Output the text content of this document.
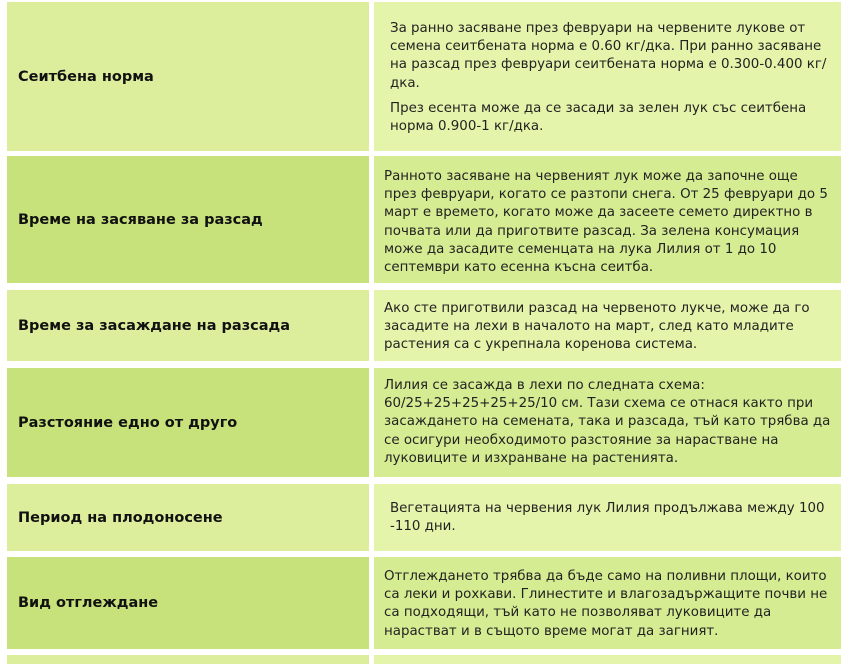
Сеитбена норма

За ранно засяване през февруари на червените лукове от семена сеитбената норма е 0.60 кг/дка. При ранно засяване на разсад през февруари сеитбената норма е 0.300-0.400 кг/дка.

През есента може да се засади за зелен лук със сеитбена норма 0.900-1 кг/дка.

Време на засяване за разсад

Ранното засяване на червеният лук може да започне още през февруари, когато се разтопи снега. От 25 февруари до 5 март е времето, когато може да засеете семето директно в почвата или да приготвите разсад. За зелена консумация може да засадите семенцата на лука Лилия от 1 до 10 септември като есенна късна сеитба.

Време за засаждане на разсада

Ако сте приготвили разсад на червеното лукче, може да го засадите на лехи в началото на март, след като младите растения са с укрепнала коренова система.

Разстояние едно от друго

Лилия се засажда в лехи по следната схема: 60/25+25+25+25+25/10 см. Тази схема се отнася както при засаждането на семената, така и разсада, тъй като трябва да се осигури необходимото разстояние за нарастване на луковиците и изхранване на растенията.

Период на плодоносене

Вегетацията на червения лук Лилия продължава между 100 -110 дни.

Вид отглеждане

Отглеждането трябва да бъде само на поливни площи, които са леки и рохкави. Глинестите и влагозадържащите почви не са подходящи, тъй като не позволяват луковиците да нарастват и в същото време могат да загният.
